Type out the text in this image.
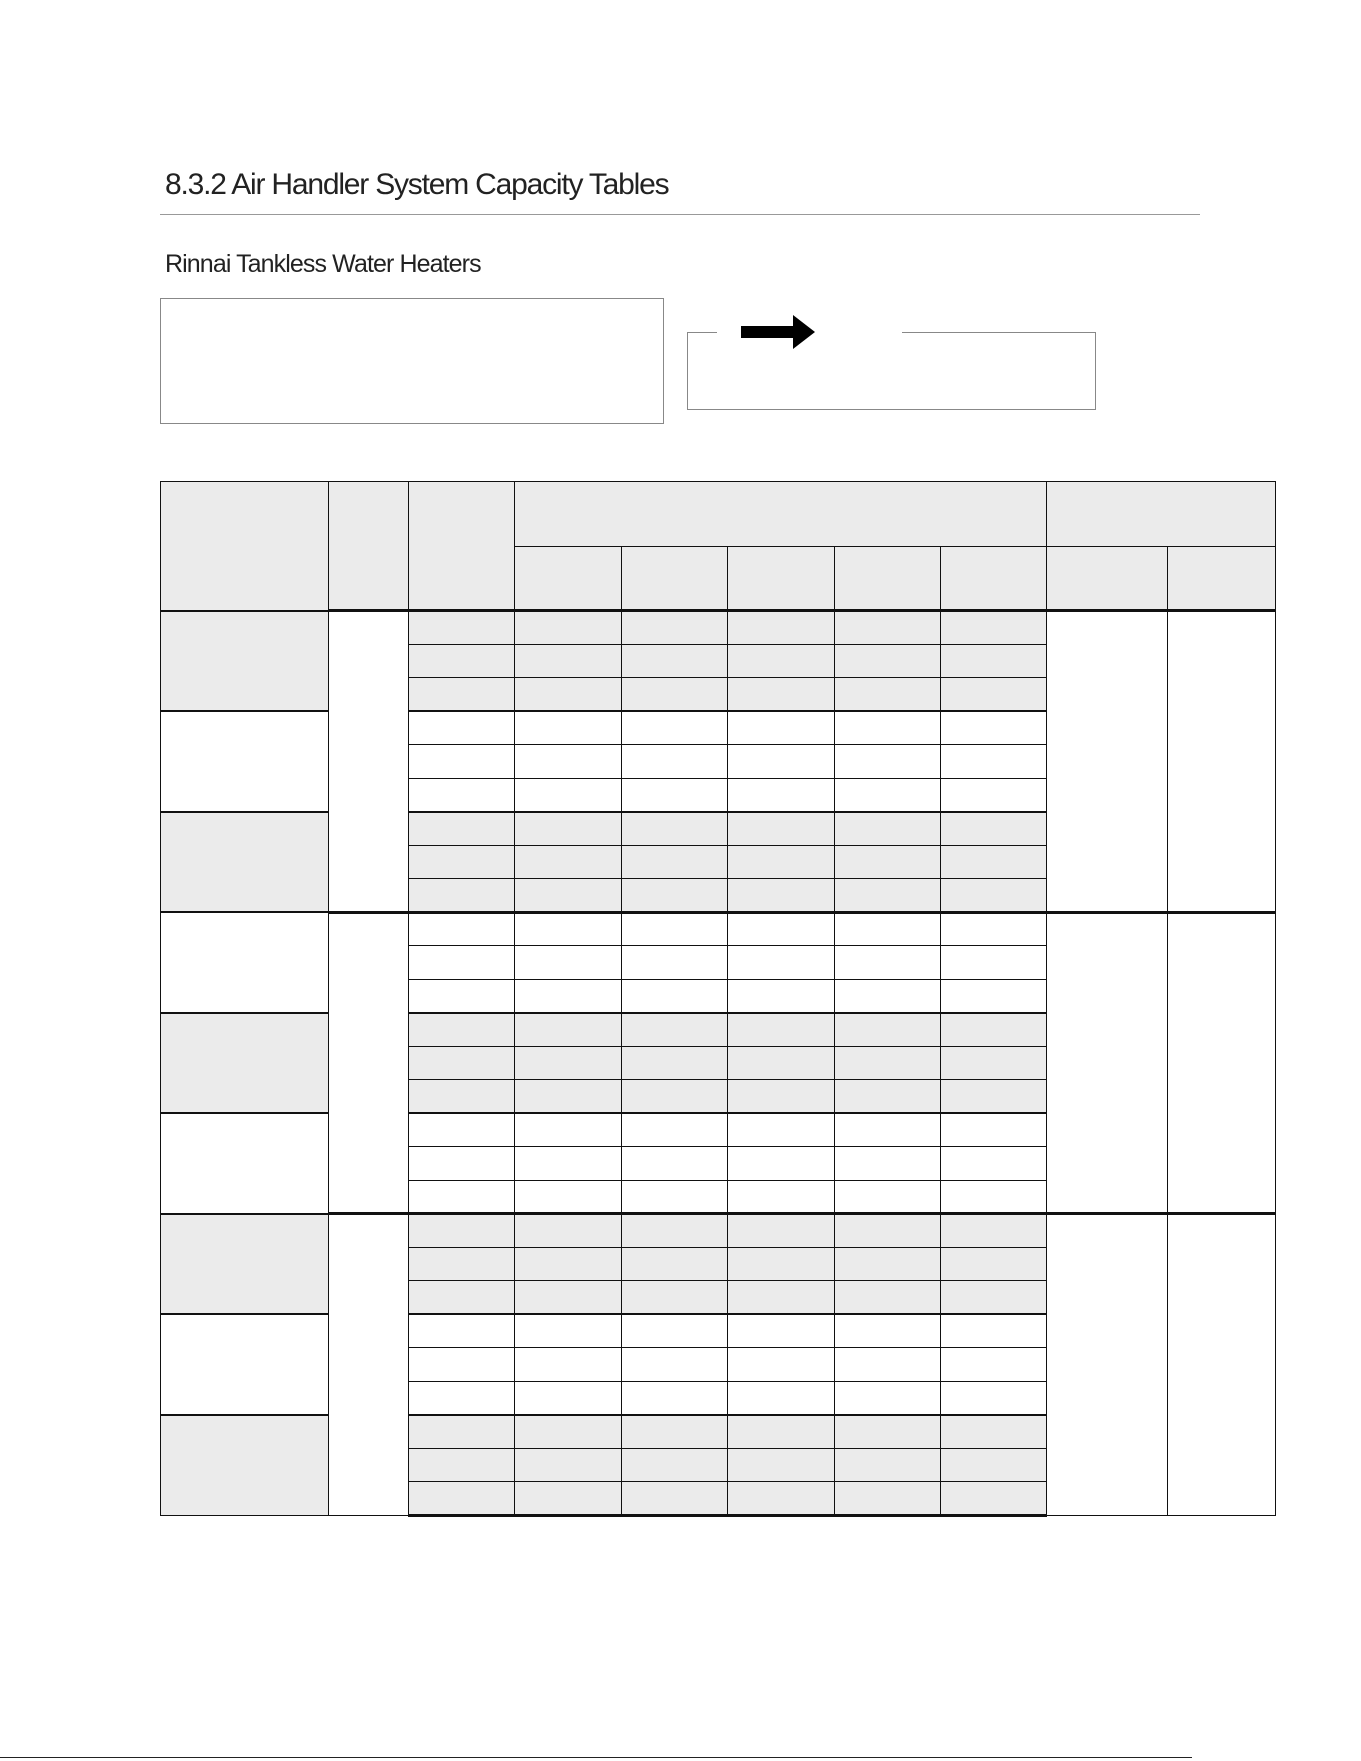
8.3.2 Air Handler System Capacity Tables
Rinnai Tankless Water Heaters
